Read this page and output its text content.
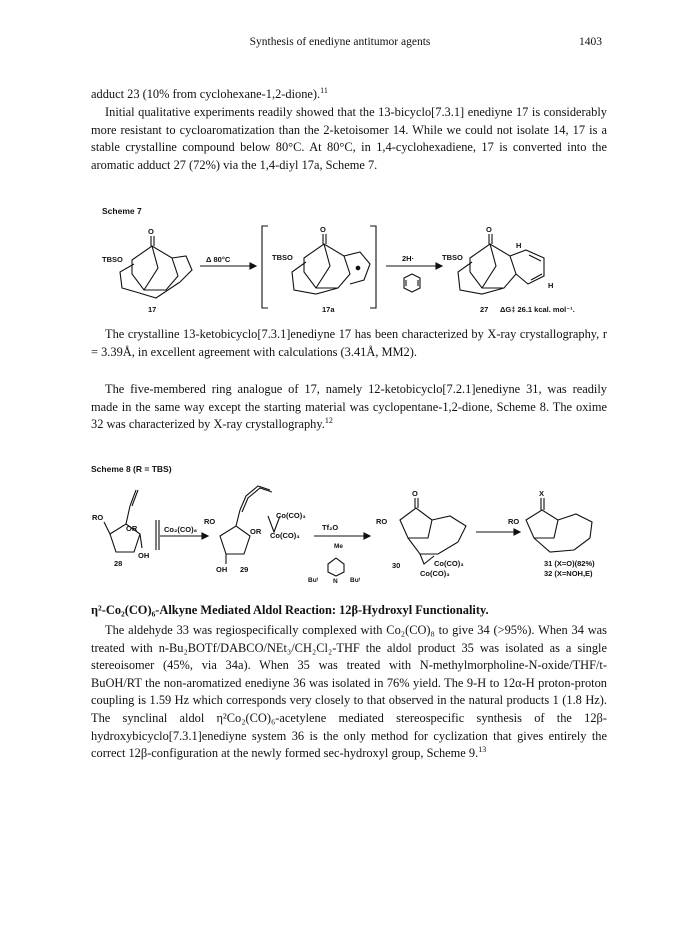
Synthesis of enediyne antitumor agents	1403

adduct 23 (10% from cyclohexane-1,2-dione).$^{11}$

Initial qualitative experiments readily showed that the 13-bicyclo[7.3.1] enediyne 17 is considerably more resistant to cycloaromatization than the 2-ketoisomer 14. While we could not isolate 14, 17 is a stable crystalline compound below 80°C. At 80°C, in 1,4-cyclohexadiene, 17 is converted into the aromatic adduct 27 (72%) via the 1,4-diyl 17a, Scheme 7.

Scheme 7
O
TBSO
17
Δ 80°C
O
TBSO
17a
2H·
O
TBSO
H
H
27 ΔG‡ 26.1 kcal. mol⁻¹.

The crystalline 13-ketobicyclo[7.3.1]enediyne 17 has been characterized by X-ray crystallography, r = 3.39Å, in excellent agreement with calculations (3.41Å, MM2).

The five-membered ring analogue of 17, namely 12-ketobicyclo[7.2.1]enediyne 31, was readily made in the same way except the starting material was cyclopentane-1,2-dione, Scheme 8. The oxime 32 was characterized by X-ray crystallography.$^{12}$

Scheme 8 (R = TBS)
RO
OR
OH
28
Co₂(CO)₈
RO
OR
OH 29
Co(CO)₃
Co(CO)₃
Tf₂O
Me
N
Buᵗ	Buᵗ
O
RO
Co(CO)₃
Co(CO)₃
30
X
RO
31 (X=O)(82%)
32 (X=NOH,E)
η²-Co₂(CO)₆-Alkyne Mediated Aldol Reaction: 12β-Hydroxyl Functionality.

The aldehyde 33 was regiospecifically complexed with Co₂(CO)₈ to give 34 (>95%). When 34 was treated with n-Bu₂BOTf/DABCO/NEt₃/CH₂Cl₂-THF the aldol product 35 was isolated as a single stereoisomer (45%, via 34a). When 35 was treated with N-methylmorpholine-N-oxide/THF/t-BuOH/RT the non-aromatized enediyne 36 was isolated in 76% yield. The 9-H to 12α-H proton-proton coupling is 1.59 Hz which corresponds very closely to that observed in the natural products 1 (1.8 Hz). The synclinal aldol η²Co₂(CO)₆-acetylene mediated stereospecific synthesis of the 12β-hydroxybicyclo[7.3.1]enediyne system 36 is the only method for cyclization that gives entirely the correct 12β-configuration at the newly formed sec-hydroxyl group, Scheme 9.13
